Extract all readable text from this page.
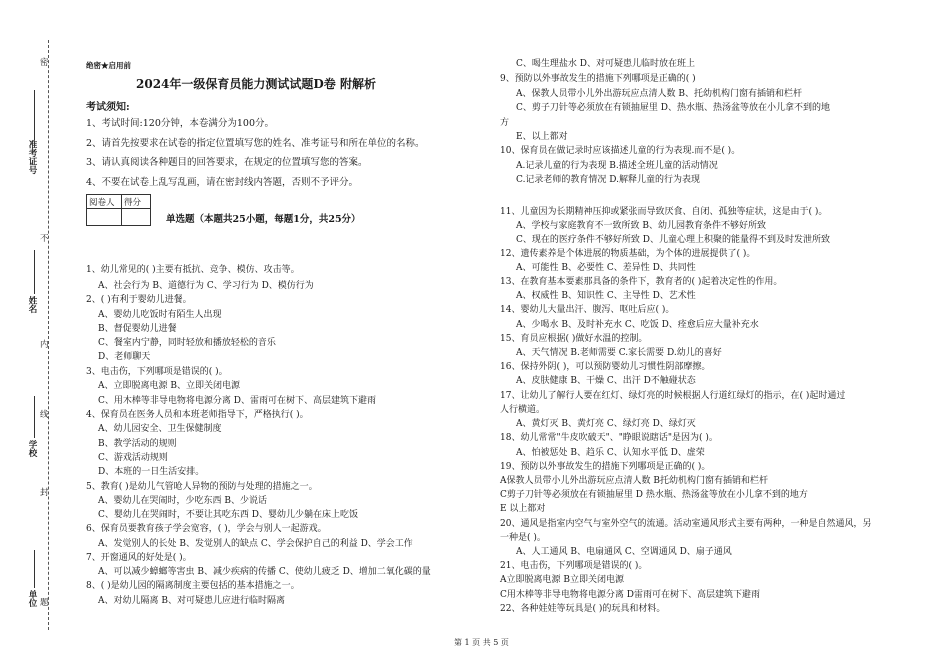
密
不
内
线
封
题
准考证号
姓名
学校
单位
绝密★启用前
2024年一级保育员能力测试试题D卷 附解析
考试须知:
1、考试时间:120分钟，本卷满分为100分。
2、请首先按要求在试卷的指定位置填写您的姓名、准考证号和所在单位的名称。
3、请认真阅读各种题目的回答要求，在规定的位置填写您的答案。
4、不要在试卷上乱写乱画，请在密封线内答题，否则不予评分。
阅卷人	得分

单选题（本题共25小题，每题1分，共25分）
1、幼儿常见的( )主要有抵抗、竞争、模仿、攻击等。
A、社会行为 B、道德行为 C、学习行为 D、模仿行为
2、( )有利于婴幼儿进餐。
A、婴幼儿吃饭时有陌生人出现
B、督促婴幼儿进餐
C、餐室内宁静，同时轻放和播放轻松的音乐
D、老师聊天
3、电击伤，下列哪项是错误的( )。
A、立即脱离电源 B、立即关闭电源
C、用木棒等非导电物将电源分离 D、雷雨可在树下、高层建筑下避雨
4、保育员在医务人员和本班老师指导下，严格执行( )。
A、幼儿园安全、卫生保健制度
B、教学活动的规则
C、游戏活动规则
D、本班的一日生活安排。
5、教育( )是幼儿气管呛人异物的预防与处理的措施之一。
A、婴幼儿在哭闹时，少吃东西 B、少说话
C、婴幼儿在哭闹时，不要让其吃东西 D、婴幼儿少躺在床上吃饭
6、保育员要教育孩子学会宽容，( )，学会与别人一起游戏。
A、发觉别人的长处 B、发觉别人的缺点 C、学会保护自己的利益 D、学会工作
7、开窗通风的好处是( )。
A、可以减少蟑螂等害虫 B、减少疾病的传播 C、使幼儿疲乏 D、增加二氧化碳的量
8、( )是幼儿园的隔离制度主要包括的基本措施之一。
A、对幼儿隔离 B、对可疑患儿应进行临时隔离
C、喝生理盐水 D、对可疑患儿临时放在班上
9、预防以外事故发生的措施下列哪项是正确的( )
A、保教人员带小儿外出游玩应点清人数 B、托幼机构门窗有插销和栏杆
C、剪子刀针等必须放在有锁抽屉里 D、热水瓶、热汤盆等放在小儿拿不到的地
方
E、以上都对
10、保育员在做记录时应该描述儿童的行为表现.而不是( )。
A.记录儿童的行为表现 B.描述全班儿童的活动情况
C.记录老师的教育情况 D.解释儿童的行为表现
11、儿童因为长期精神压抑或紧张而导致厌食、自闭、孤独等症状，这是由于( )。
A、学校与家庭教育不一致所致 B、幼儿园教育条件不够好所致
C、现在的医疗条件不够好所致 D、儿童心理上积聚的能量得不到及时发泄所致
12、遗传素养是个体进展的物质基础，为个体的进展提供了( )。
A、可能性 B、必要性 C、差异性 D、共同性
13、在教育基本要素那具备的条件下，教育者的( )起着决定性的作用。
A、权威性 B、知识性 C、主导性 D、艺术性
14、婴幼儿大量出汗、腹泻、呕吐后应( )。
A、少喝水 B、及时补充水 C、吃饭 D、痊愈后应大量补充水
15、育员应根据( )做好水温的控制。
A、天气情况 B.老师需要 C.家长需要 D.幼儿的喜好
16、保持外阴( )，可以预防婴幼儿习惯性阴部摩擦。
A、皮肤健康 B、干燥 C、出汗 D不触碰状态
17、让幼儿了解行人要在红灯、绿灯亮的时候根据人行道红绿灯的指示，在( )起时通过
人行横道。
A、黄灯灭 B、黄灯亮 C、绿灯亮 D、绿灯灭
18、幼儿常常"牛皮吹破天"、"睁眼说瞎话"是因为( )。
A、怕被惩处 B、趋乐 C、认知水平低 D、虚荣
19、预防以外事故发生的措施下列哪项是正确的( )。
A保教人员带小儿外出游玩应点清人数 B托幼机构门窗有插销和栏杆
C剪子刀针等必须放在有锁抽屉里 D 热水瓶、热汤盆等放在小儿拿不到的地方
E 以上都对
20、通风是指室内空气与室外空气的流通。活动室通风形式主要有两种，一种是自然通风，另
一种是( )。
A、人工通风 B、电扇通风 C、空调通风 D、扇子通风
21、电击伤，下列哪项是错误的( )。
A立即脱离电源 B立即关闭电源
C用木棒等非导电物将电源分离 D雷雨可在树下、高层建筑下避雨
22、各种娃娃等玩具是( )的玩具和材料。
第 1 页 共 5 页
